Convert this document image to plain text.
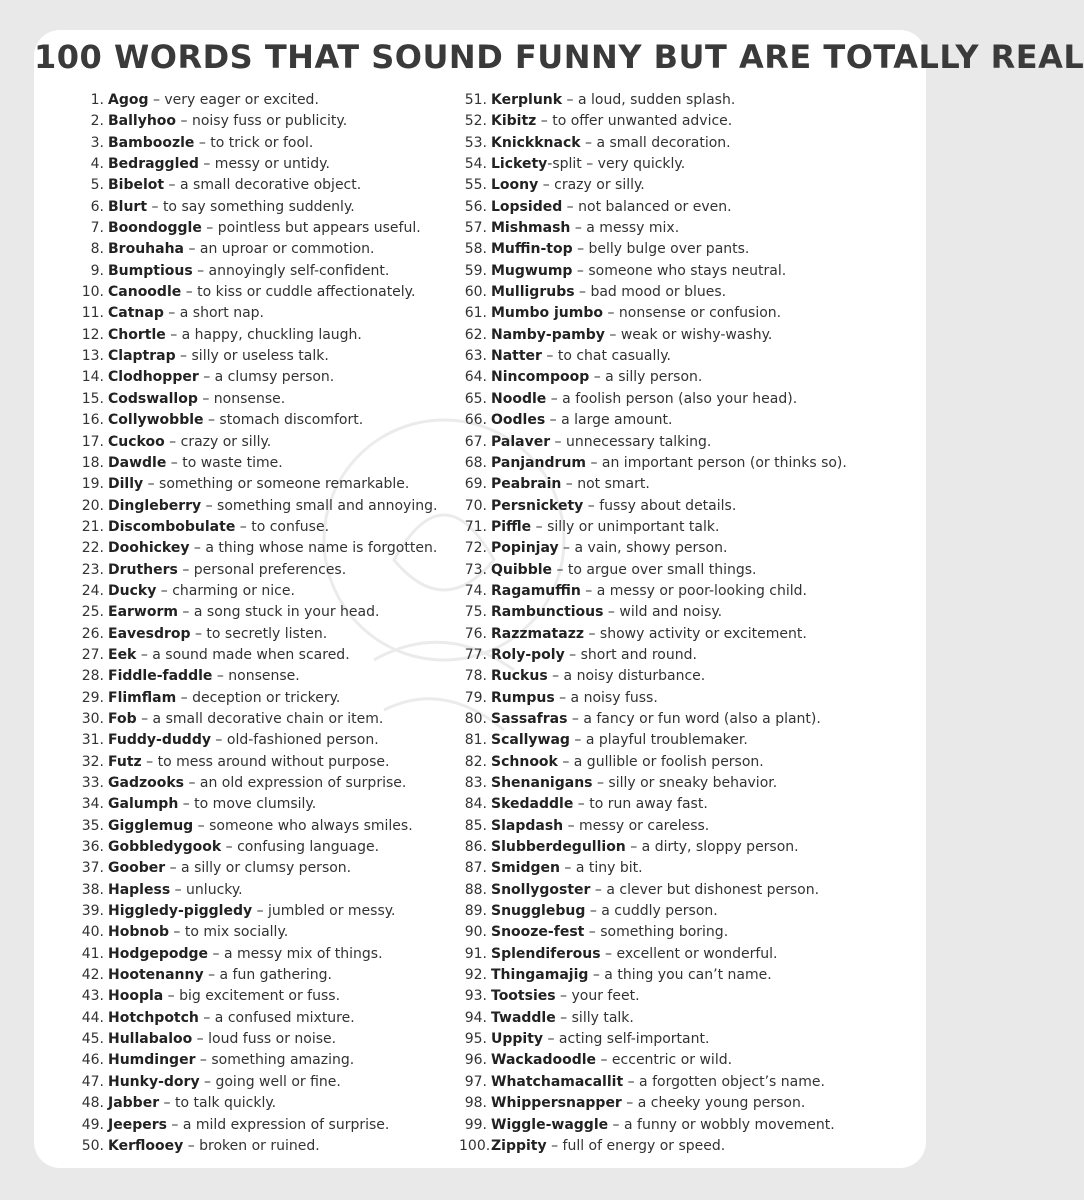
100 WORDS THAT SOUND FUNNY BUT ARE TOTALLY REAL
1. Agog – very eager or excited.
2. Ballyhoo – noisy fuss or publicity.
3. Bamboozle – to trick or fool.
4. Bedraggled – messy or untidy.
5. Bibelot – a small decorative object.
6. Blurt – to say something suddenly.
7. Boondoggle – pointless but appears useful.
8. Brouhaha – an uproar or commotion.
9. Bumptious – annoyingly self-confident.
10. Canoodle – to kiss or cuddle affectionately.
11. Catnap – a short nap.
12. Chortle – a happy, chuckling laugh.
13. Claptrap – silly or useless talk.
14. Clodhopper – a clumsy person.
15. Codswallop – nonsense.
16. Collywobble – stomach discomfort.
17. Cuckoo – crazy or silly.
18. Dawdle – to waste time.
19. Dilly – something or someone remarkable.
20. Dingleberry – something small and annoying.
21. Discombobulate – to confuse.
22. Doohickey – a thing whose name is forgotten.
23. Druthers – personal preferences.
24. Ducky – charming or nice.
25. Earworm – a song stuck in your head.
26. Eavesdrop – to secretly listen.
27. Eek – a sound made when scared.
28. Fiddle-faddle – nonsense.
29. Flimflam – deception or trickery.
30. Fob – a small decorative chain or item.
31. Fuddy-duddy – old-fashioned person.
32. Futz – to mess around without purpose.
33. Gadzooks – an old expression of surprise.
34. Galumph – to move clumsily.
35. Gigglemug – someone who always smiles.
36. Gobbledygook – confusing language.
37. Goober – a silly or clumsy person.
38. Hapless – unlucky.
39. Higgledy-piggledy – jumbled or messy.
40. Hobnob – to mix socially.
41. Hodgepodge – a messy mix of things.
42. Hootenanny – a fun gathering.
43. Hoopla – big excitement or fuss.
44. Hotchpotch – a confused mixture.
45. Hullabaloo – loud fuss or noise.
46. Humdinger – something amazing.
47. Hunky-dory – going well or fine.
48. Jabber – to talk quickly.
49. Jeepers – a mild expression of surprise.
50. Kerflooey – broken or ruined.
51. Kerplunk – a loud, sudden splash.
52. Kibitz – to offer unwanted advice.
53. Knickknack – a small decoration.
54. Lickety -split – very quickly.
55. Loony – crazy or silly.
56. Lopsided – not balanced or even.
57. Mishmash – a messy mix.
58. Muffin-top – belly bulge over pants.
59. Mugwump – someone who stays neutral.
60. Mulligrubs – bad mood or blues.
61. Mumbo jumbo – nonsense or confusion.
62. Namby-pamby – weak or wishy-washy.
63. Natter – to chat casually.
64. Nincompoop – a silly person.
65. Noodle – a foolish person (also your head).
66. Oodles – a large amount.
67. Palaver – unnecessary talking.
68. Panjandrum – an important person (or thinks so).
69. Peabrain – not smart.
70. Persnickety – fussy about details.
71. Piffle – silly or unimportant talk.
72. Popinjay – a vain, showy person.
73. Quibble – to argue over small things.
74. Ragamuffin – a messy or poor-looking child.
75. Rambunctious – wild and noisy.
76. Razzmatazz – showy activity or excitement.
77. Roly-poly – short and round.
78. Ruckus – a noisy disturbance.
79. Rumpus – a noisy fuss.
80. Sassafras – a fancy or fun word (also a plant).
81. Scallywag – a playful troublemaker.
82. Schnook – a gullible or foolish person.
83. Shenanigans – silly or sneaky behavior.
84. Skedaddle – to run away fast.
85. Slapdash – messy or careless.
86. Slubberdegullion – a dirty, sloppy person.
87. Smidgen – a tiny bit.
88. Snollygoster – a clever but dishonest person.
89. Snugglebug – a cuddly person.
90. Snooze-fest – something boring.
91. Splendiferous – excellent or wonderful.
92. Thingamajig – a thing you can’t name.
93. Tootsies – your feet.
94. Twaddle – silly talk.
95. Uppity – acting self-important.
96. Wackadoodle – eccentric or wild.
97. Whatchamacallit – a forgotten object’s name.
98. Whippersnapper – a cheeky young person.
99. Wiggle-waggle – a funny or wobbly movement.
100. Zippity – full of energy or speed.
